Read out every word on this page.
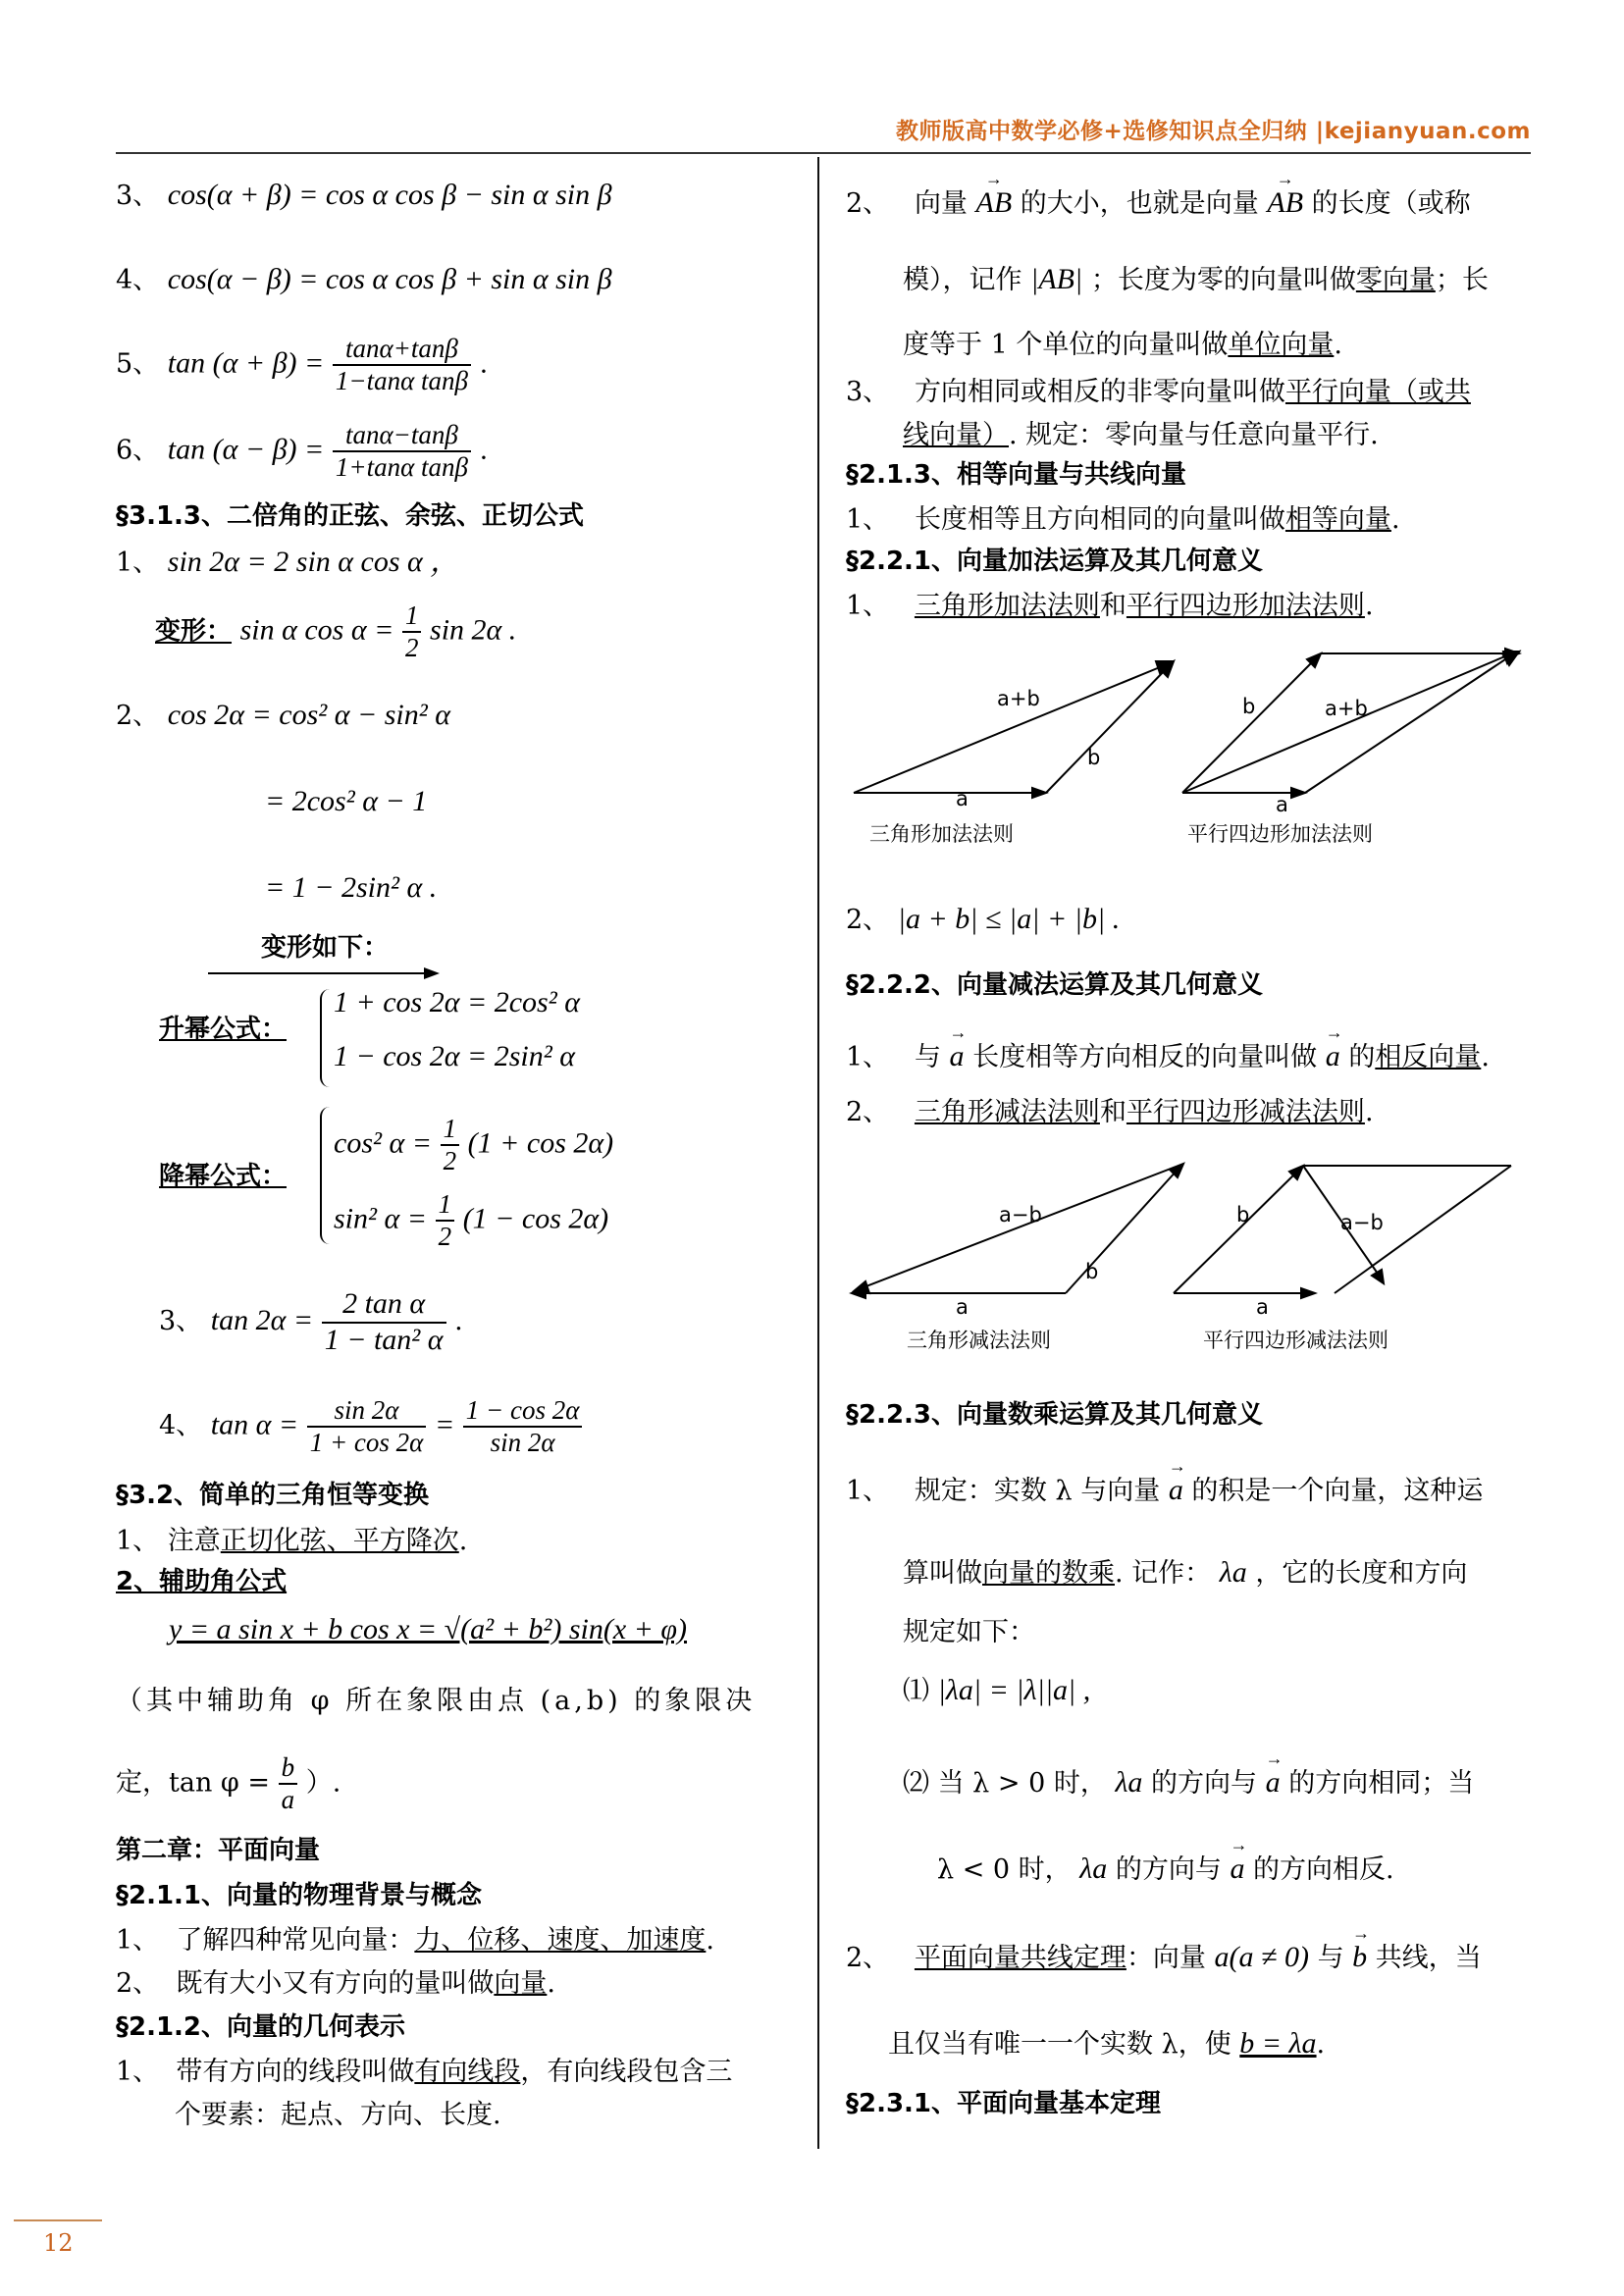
教师版高中数学必修+选修知识点全归纳 |kejianyuan.com
3、 cos(α + β) = cos α cos β − sin α sin β
4、 cos(α − β) = cos α cos β + sin α sin β
5、 $\tan (\alpha + \beta) = \frac{\tan\alpha+\tan\beta}{\text{1−tanα tanβ}}$ .
6、 $\tan (\alpha - \beta) = \frac{\tan\alpha-\tan\beta}{\text{1+tanα tanβ}}$ .
§3.1.3、二倍角的正弦、余弦、正切公式
1、 sin 2α = 2 sin α cos α ，
变形： sin α $\cos \alpha = \frac{1}{2}$ sin 2α .
2、 cos 2α = cos² α − sin² α
= 2cos² α − 1
= 1 − 2sin² α .
变形如下：
升幂公式：
1 + cos 2α = 2cos² α
1 − cos 2α = 2sin² α
降幂公式：
cos² $\alpha = \frac{1}{2} (1 + \cos 2\alpha)$
sin² $\alpha = \frac{1}{2} (1 - \cos 2\alpha)$
3、 $\tan 2\alpha = \frac{\text{2 tan α}}{\text{1 − tan² α}}$ .
4、 $\tan \alpha = \frac{\sin 2\alpha}{1 + \cos 2\alpha} = \frac{1 - \cos 2\alpha}{\sin 2\alpha}$
§3.2、简单的三角恒等变换
1、 注意正切化弦、平方降次.
2、辅助角公式
y = a sin x + b cos x = √(a² + b²) sin(x + φ)
（其中辅助角 φ 所在象限由点 (a,b) 的象限决
定，$\tan \varphi = \frac{b}{a}$ ）.
第二章：平面向量
§2.1.1、向量的物理背景与概念
1、 了解四种常见向量：力、位移、速度、加速度.
2、 既有大小又有方向的量叫做向量.
§2.1.2、向量的几何表示
1、 带有方向的线段叫做有向线段，有向线段包含三
个要素：起点、方向、长度.
2、 向量 → AB 的大小，也就是向量 → AB 的长度（或称
模），记作 |AB| ；长度为零的向量叫做零向量；长
度等于 1 个单位的向量叫做单位向量.
3、 方向相同或相反的非零向量叫做平行向量（或共
线向量）. 规定：零向量与任意向量平行.
§2.1.3、相等向量与共线向量
1、 长度相等且方向相同的向量叫做相等向量.
§2.2.1、向量加法运算及其几何意义
1、 三角形加法法则和平行四边形加法法则.
a+b
b
a
b	a+b
a
三角形加法法则	平行四边形加法法则
2、 |a + b| ≤ |a| + |b| .
§2.2.2、向量减法运算及其几何意义
1、 与 → a 长度相等方向相反的向量叫做 → a 的相反向量.
2、 三角形减法法则和平行四边形减法法则.
a−b
b
a
b	a−b
a
三角形减法法则	平行四边形减法法则
§2.2.3、向量数乘运算及其几何意义
1、 规定：实数 λ 与向量 → a 的积是一个向量，这种运
算叫做向量的数乘. 记作： λa ，它的长度和方向
规定如下：
⑴ |λa| = |λ||a| ,
⑵ 当 λ > 0 时， λa 的方向与 → a 的方向相同；当
λ < 0 时， λa 的方向与 → a 的方向相反.
2、 平面向量共线定理：向量 a(a ≠ 0) 与 → b 共线，当
且仅当有唯一一个实数 λ，使 b = λa.
§2.3.1、平面向量基本定理
12
